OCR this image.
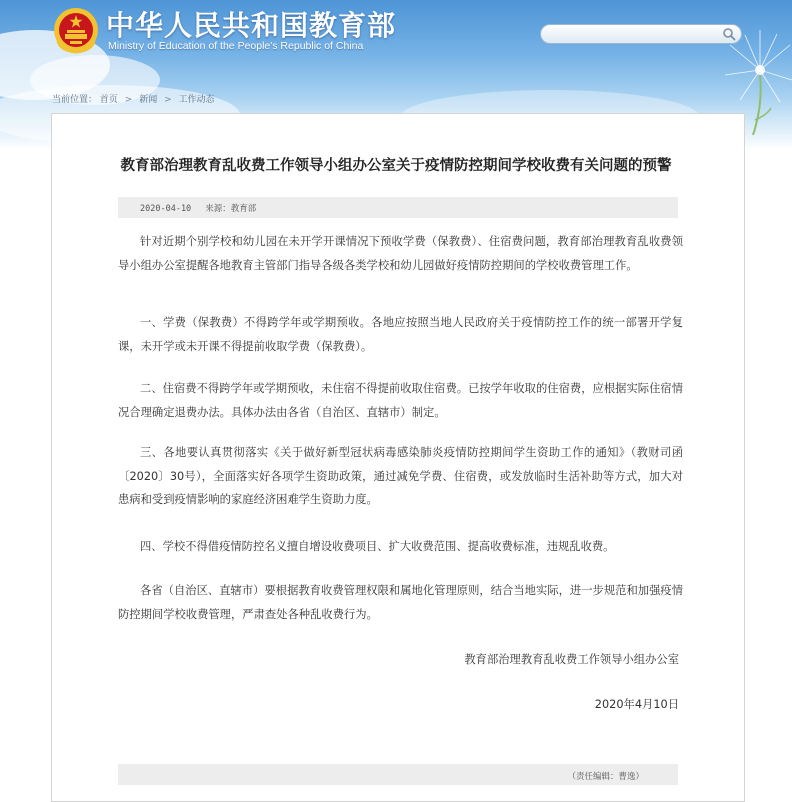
中华人民共和国教育部
Ministry of Education of the People's Republic of China
当前位置： 首页 > 新闻 > 工作动态
教育部治理教育乱收费工作领导小组办公室关于疫情防控期间学校收费有关问题的预警
2020-04-10 来源：教育部

针对近期个别学校和幼儿园在未开学开课情况下预收学费（保教费）、住宿费问题，教育部治理教育乱收费领导小组办公室提醒各地教育主管部门指导各级各类学校和幼儿园做好疫情防控期间的学校收费管理工作。

一、学费（保教费）不得跨学年或学期预收。各地应按照当地人民政府关于疫情防控工作的统一部署开学复课，未开学或未开课不得提前收取学费（保教费）。

二、住宿费不得跨学年或学期预收，未住宿不得提前收取住宿费。已按学年收取的住宿费，应根据实际住宿情况合理确定退费办法。具体办法由各省（自治区、直辖市）制定。

三、各地要认真贯彻落实《关于做好新型冠状病毒感染肺炎疫情防控期间学生资助工作的通知》（教财司函〔2020〕30号），全面落实好各项学生资助政策，通过减免学费、住宿费，或发放临时生活补助等方式，加大对患病和受到疫情影响的家庭经济困难学生资助力度。

四、学校不得借疫情防控名义擅自增设收费项目、扩大收费范围、提高收费标准，违规乱收费。

各省（自治区、直辖市）要根据教育收费管理权限和属地化管理原则，结合当地实际，进一步规范和加强疫情防控期间学校收费管理，严肃查处各种乱收费行为。

教育部治理教育乱收费工作领导小组办公室
2020年4月10日
（责任编辑：曹逸）
